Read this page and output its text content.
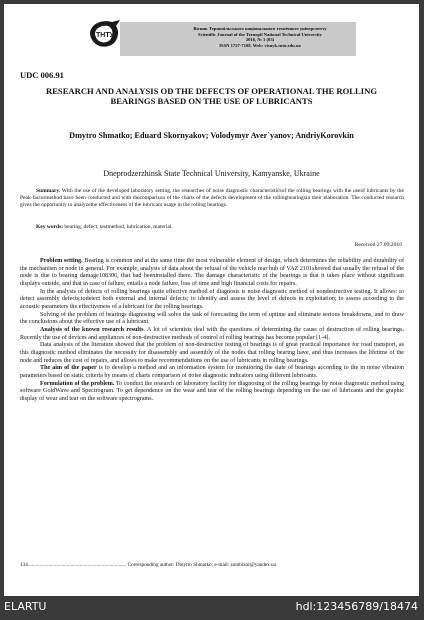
ТНТУ
Вісник Тернопільського національного технічного університету
Scientific Journal of the Ternopil National Technical University
2016, № 3 (83)
ISSN 1727-7108. Web: visnyk.tntu.edu.ua
UDC 006.91
RESEARCH AND ANALYSIS OD THE DEFECTS OF OPERATIONAL THE ROLLING BEARINGS BASED ON THE USE OF LUBRICANTS
Dmytro Shmatko; Eduard Skornyakov; Volodymyr Aver`yanov; AndriyKorovkin
Dneprodzerzhinsk State Technical University, Kamyanske, Ukraine
Summary. With the use of the developed laboratory setting, the researches of noise diagnostic characteristicsof the rolling bearings with the useof lubricants by the Peak-factormethod have been conducted and with thecomparison of the charts of the defects development of the rollingbearingsin their elaboration. The conducted research gives the opportunity to analyzethe effectiveness of the lubricant usage in the rolling bearings.
Key words: bearing, defect, testmethod, lubrication, material.
Received 27.09.2016

Problem setting. Bearing is common and at the same time the most vulnerable element of design, which determines the reliability and durability of the mechanism or node in general. For example, analysis of data about the refusal of the vehicle rear hub of VAZ 2101showed that usually the refusal of the node is due to bearing damage108306, that had beeninstalled there. The damage characteristic of the bearings is that it takes place without significant displays outside, and that in case of failure, entails a node failure, loss of time and high financial costs for repairs.

In the analysis of defects of rolling bearings quite effective method of diagnosis is noise diagnostic method of nondestructive testing. It allows: to detect assembly defects;todetect both external and internal defects; to identify and assess the level of defects in exploitation; to assess according to the acoustic parameters the effectiveness of a lubricant for the rolling bearings.

Solving of the problem of bearings diagnosing will solve the task of forecasting the term of uptime and eliminate serious breakdowns, and to draw the conclusions about the effective use of a lubricant.

Analysis of the known research results. A lot of scientists deal with the questions of determining the cause of destruction of rolling bearings. Recently the use of devices and appliances of non-destructive methods of control of rolling bearings has become popular [1-4].

Data analysis of the literature showed that the problem of non-destructive testing of bearings is of great practical importance for road transport, as this diagnostic method eliminates the necessity for disassembly and assembly of the nodes that rolling bearing have, and thus increases the lifetime of the node and reduces the cost of repairs, and allows to make recommendations on the use of lubricants in rolling bearings.

The aim of the paper is to develop a method and an information system for monitoring the state of bearings according to the in noise vibration parameters based on static criteria by means of charts comparison of noise diagnostic indicators using different lubricants.

Formulation of the problem. To conduct the research on laboratory facility for diagnosing of the rolling bearings by noise diagnostic method using software GoldWave and Spectrogram. To get dependence on the wear and tear of the rolling bearings depending on the use of lubricants and the graphic display of wear and tear on the software spectrograms.

134............................................................................ Corresponding author: Dmytro Shmatko; e-mail: zombizor@yandex.ua
ELARTU	hdl:123456789/18474
